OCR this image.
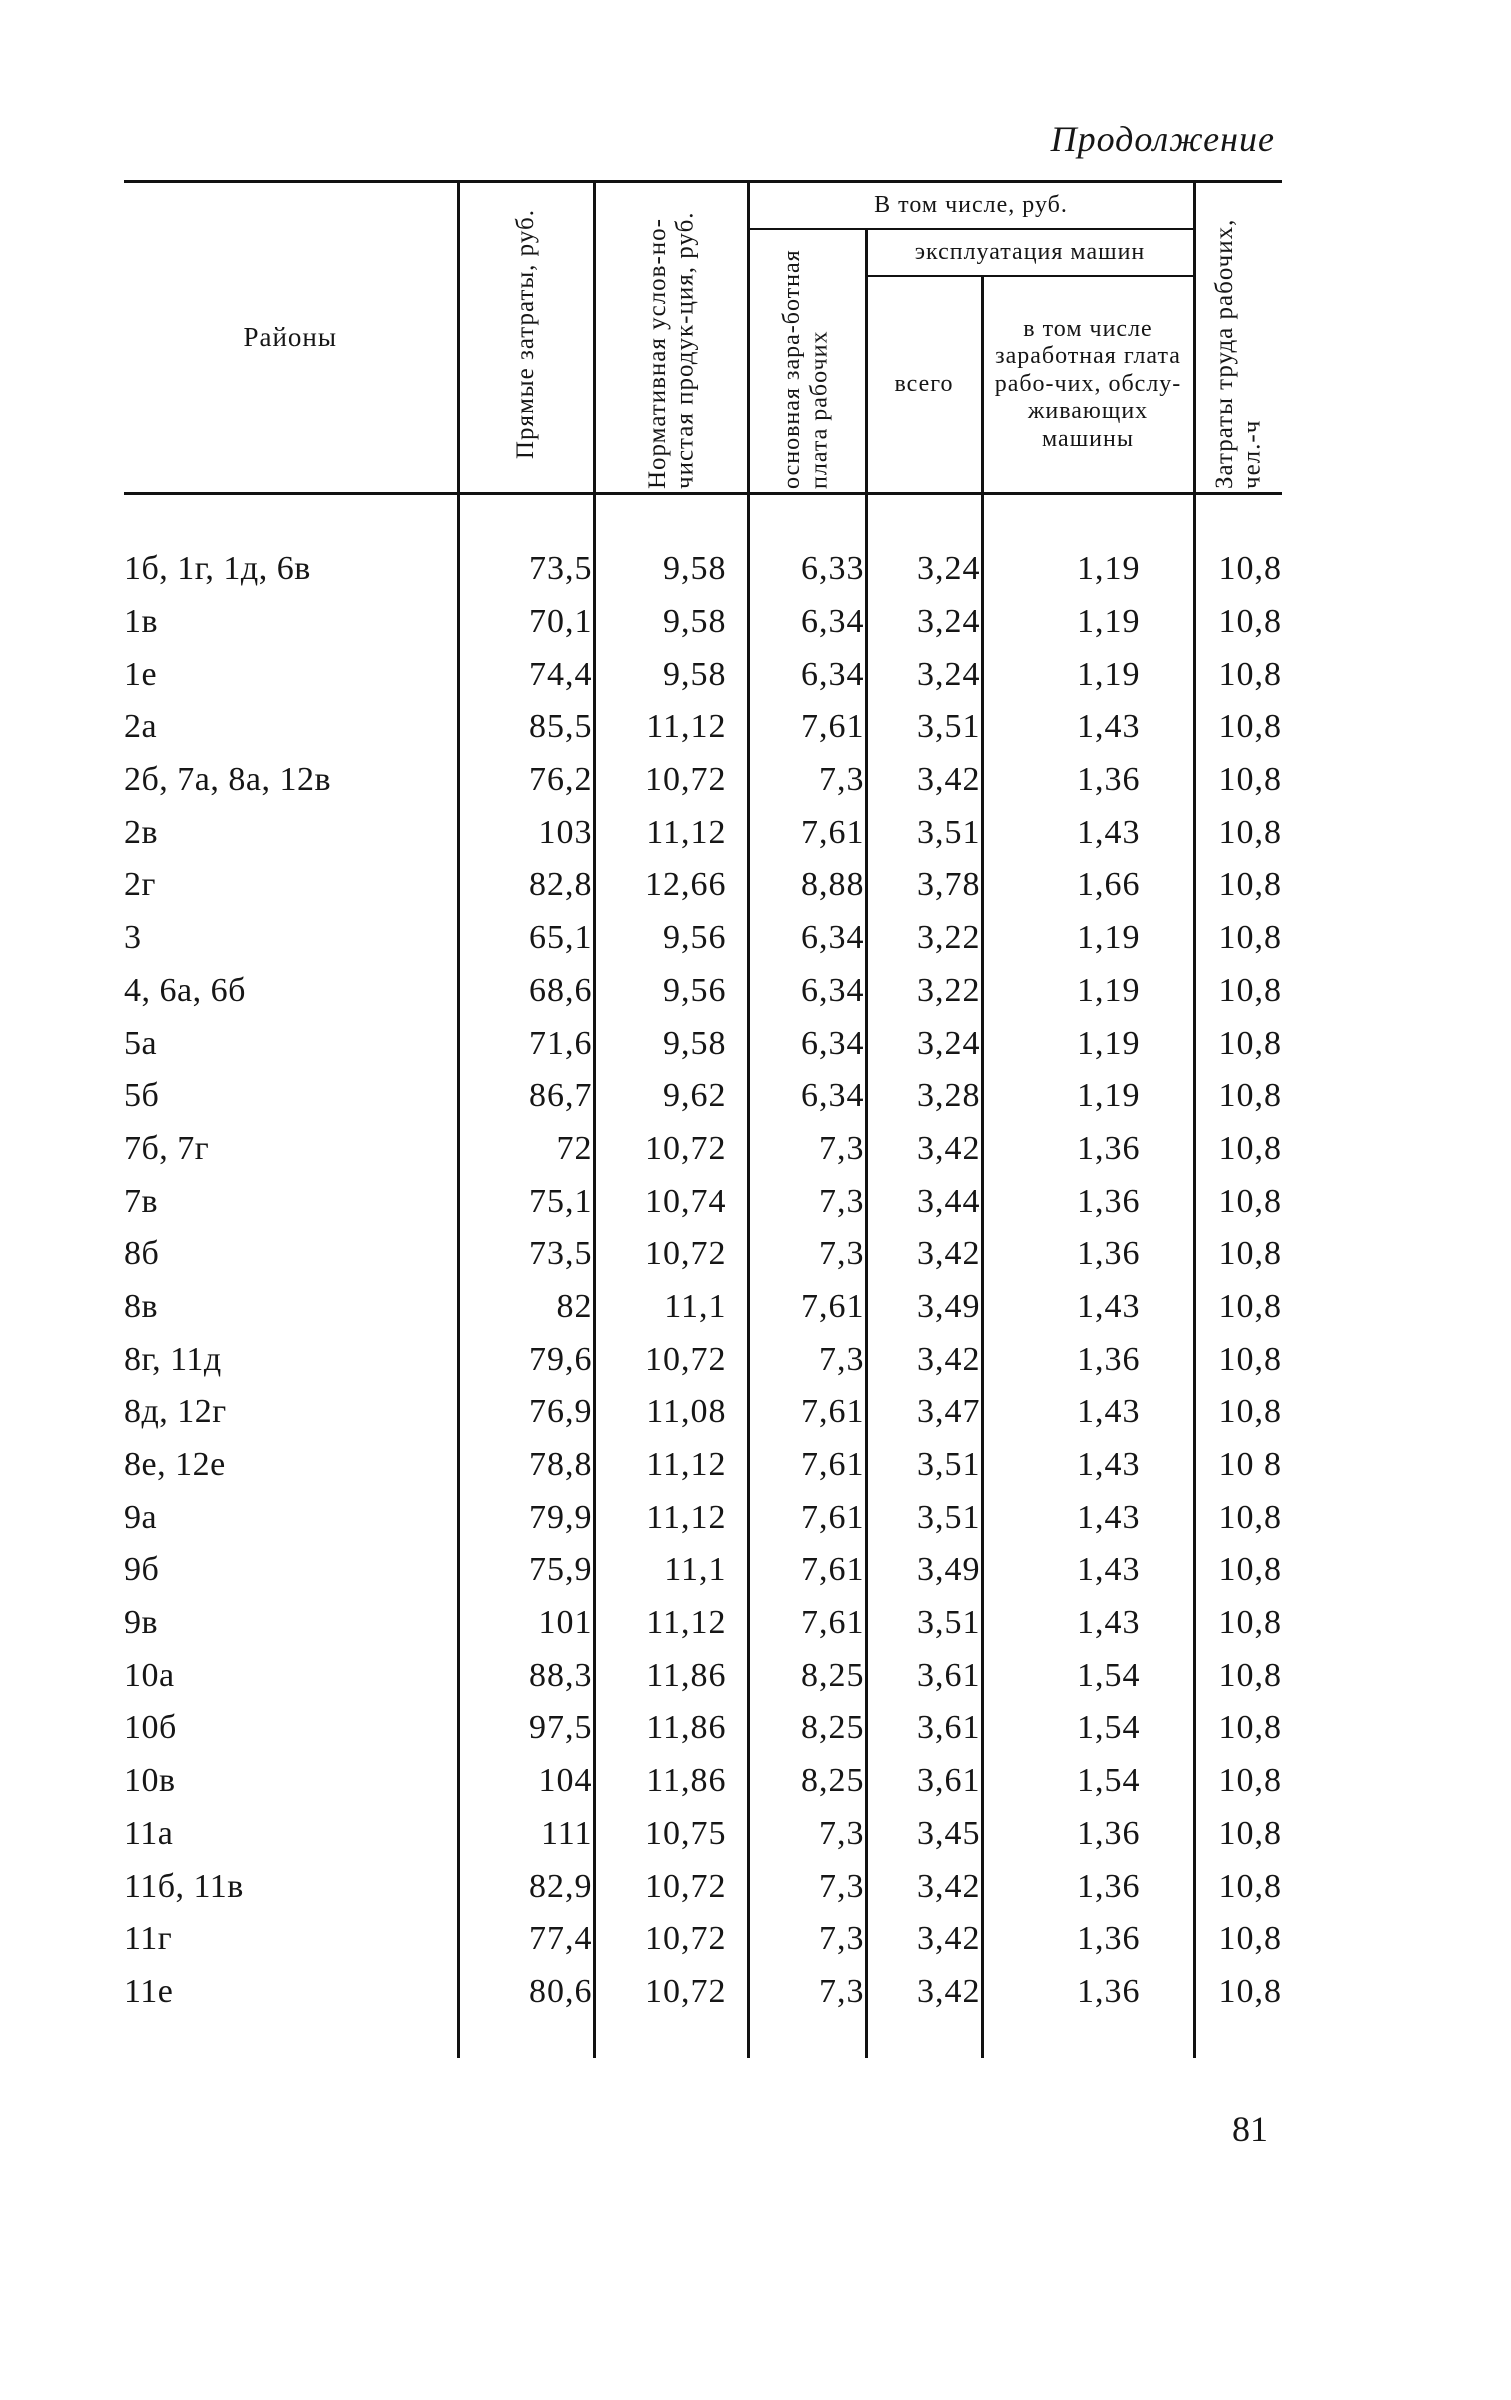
Продолжение
Районы	Прямые затраты, руб.	Нормативная услов-но-чистая продук-ция, руб.	В том числе, руб.			Затраты труда рабочих, чел.-ч
			основная зара-ботная плата рабочих	эксплуатация машин		
				всего	в том числе заработная глата рабо-чих, обслу-живающих машины	

1б, 1г, 1д, 6в	73,5	9,58	6,33	3,24	1,19	10,8
1в	70,1	9,58	6,34	3,24	1,19	10,8
1е	74,4	9,58	6,34	3,24	1,19	10,8
2а	85,5	11,12	7,61	3,51	1,43	10,8
2б, 7а, 8а, 12в	76,2	10,72	7,3	3,42	1,36	10,8
2в	103	11,12	7,61	3,51	1,43	10,8
2г	82,8	12,66	8,88	3,78	1,66	10,8
3	65,1	9,56	6,34	3,22	1,19	10,8
4, 6а, 6б	68,6	9,56	6,34	3,22	1,19	10,8
5а	71,6	9,58	6,34	3,24	1,19	10,8
5б	86,7	9,62	6,34	3,28	1,19	10,8
7б, 7г	72	10,72	7,3	3,42	1,36	10,8
7в	75,1	10,74	7,3	3,44	1,36	10,8
8б	73,5	10,72	7,3	3,42	1,36	10,8
8в	82	11,1	7,61	3,49	1,43	10,8
8г, 11д	79,6	10,72	7,3	3,42	1,36	10,8
8д, 12г	76,9	11,08	7,61	3,47	1,43	10,8
8е, 12е	78,8	11,12	7,61	3,51	1,43	10 8
9а	79,9	11,12	7,61	3,51	1,43	10,8
9б	75,9	11,1	7,61	3,49	1,43	10,8
9в	101	11,12	7,61	3,51	1,43	10,8
10а	88,3	11,86	8,25	3,61	1,54	10,8
10б	97,5	11,86	8,25	3,61	1,54	10,8
10в	104	11,86	8,25	3,61	1,54	10,8
11а	111	10,75	7,3	3,45	1,36	10,8
11б, 11в	82,9	10,72	7,3	3,42	1,36	10,8
11г	77,4	10,72	7,3	3,42	1,36	10,8
11е	80,6	10,72	7,3	3,42	1,36	10,8

81
